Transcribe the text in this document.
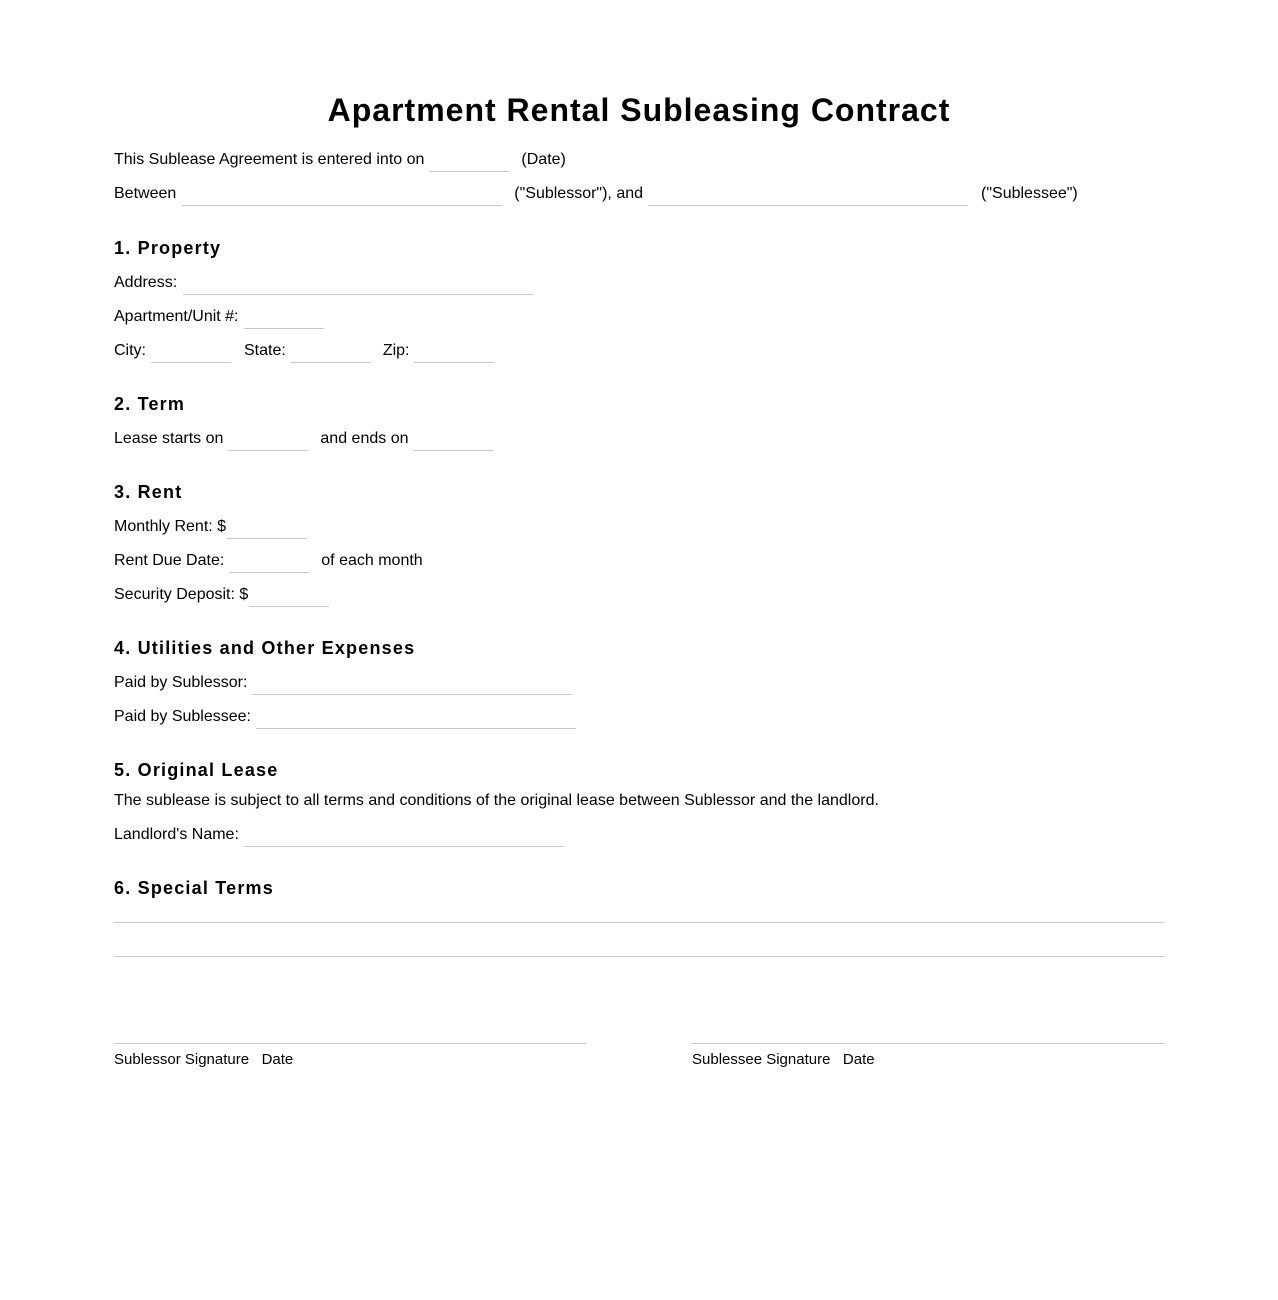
Apartment Rental Subleasing Contract
This Sublease Agreement is entered into on	(Date)
Between	("Sublessor"), and	("Sublessee")
1. Property
Address:
Apartment/Unit #:
City:	State:	Zip:
2. Term
Lease starts on	and ends on
3. Rent
Monthly Rent: $
Rent Due Date:	of each month
Security Deposit: $
4. Utilities and Other Expenses
Paid by Sublessor:
Paid by Sublessee:
5. Original Lease
The sublease is subject to all terms and conditions of the original lease between Sublessor and the landlord.
Landlord's Name:
6. Special Terms
Sublessor Signature   Date	Sublessee Signature   Date
